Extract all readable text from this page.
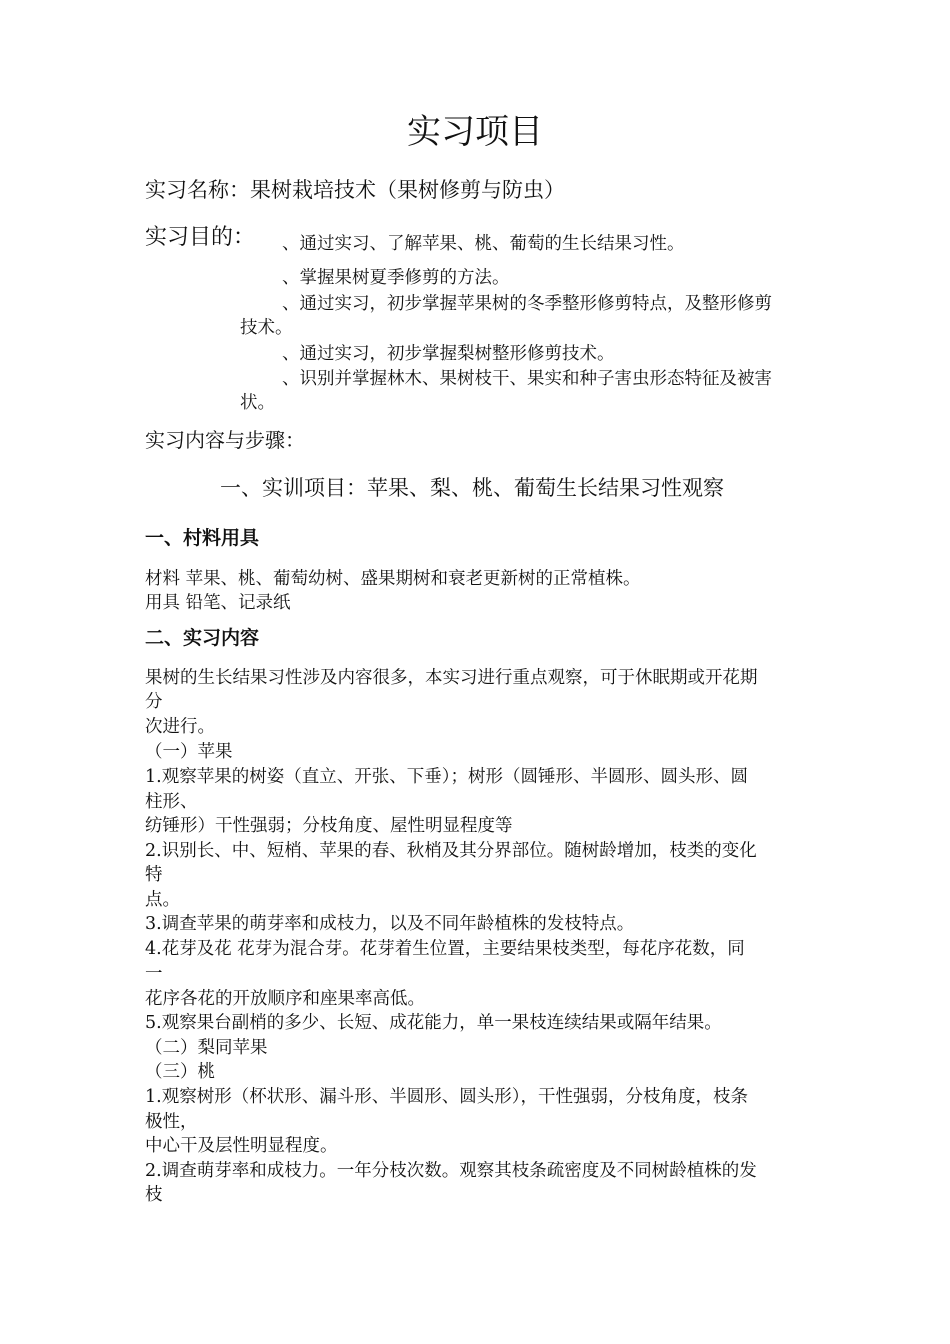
实习项目
实习名称：果树栽培技术（果树修剪与防虫）
实习目的： 、通过实习、了解苹果、桃、葡萄的生长结果习性。
、掌握果树夏季修剪的方法。
、通过实习，初步掌握苹果树的冬季整形修剪特点，及整形修剪
技术。
、通过实习，初步掌握梨树整形修剪技术。
、识别并掌握林木、果树枝干、果实和种子害虫形态特征及被害
状。
实习内容与步骤：
一、实训项目：苹果、梨、桃、葡萄生长结果习性观察
一、村料用具
材料 苹果、桃、葡萄幼树、盛果期树和衰老更新树的正常植株。
用具 铅笔、记录纸
二、实习内容
果树的生长结果习性涉及内容很多，本实习进行重点观察，可于休眠期或开花期
分
次进行。
（一）苹果
1.观察苹果的树姿（直立、开张、下垂）；树形（圆锤形、半圆形、圆头形、圆
柱形、
纺锤形）干性强弱；分枝角度、屋性明显程度等
2.识别长、中、短梢、苹果的春、秋梢及其分界部位。随树龄增加，枝类的变化
特
点。
3.调查苹果的萌芽率和成枝力，以及不同年龄植株的发枝特点。
4.花芽及花 花芽为混合芽。花芽着生位置，主要结果枝类型，每花序花数，同
一
花序各花的开放顺序和座果率高低。
5.观察果台副梢的多少、长短、成花能力，单一果枝连续结果或隔年结果。
（二）梨同苹果
（三）桃
1.观察树形（杯状形、漏斗形、半圆形、圆头形），干性强弱，分枝角度，枝条
极性，
中心干及层性明显程度。
2.调查萌芽率和成枝力。一年分枝次数。观察其枝条疏密度及不同树龄植株的发
枝
